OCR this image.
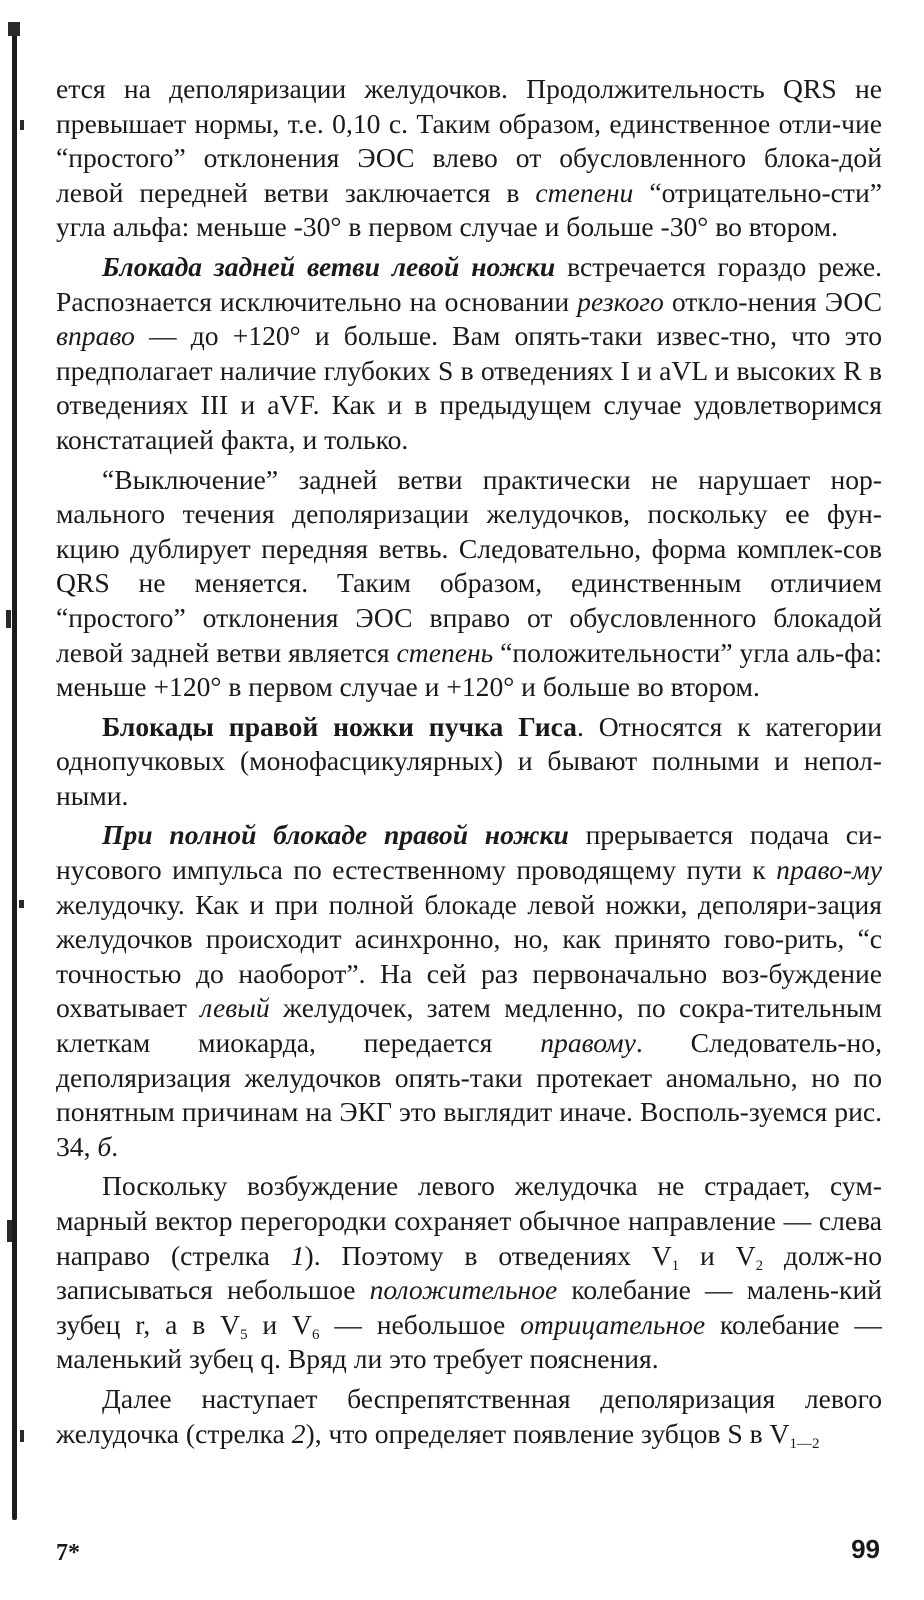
ется на деполяризации желудочков. Продолжительность QRS не превышает нормы, т.е. 0,10 с. Таким образом, единственное отли-чие “простого” отклонения ЭОС влево от обусловленного блока-дой левой передней ветви заключается в степени “отрицательно-сти” угла альфа: меньше -30° в первом случае и больше -30° во втором.

Блокада задней ветви левой ножки встречается гораздо реже. Распознается исключительно на основании резкого откло-нения ЭОС вправо — до +120° и больше. Вам опять-таки извес-тно, что это предполагает наличие глубоких S в отведениях I и aVL и высоких R в отведениях III и aVF. Как и в предыдущем случае удовлетворимся констатацией факта, и только.

“Выключение” задней ветви практически не нарушает нор-мального течения деполяризации желудочков, поскольку ее фун-кцию дублирует передняя ветвь. Следовательно, форма комплек-сов QRS не меняется. Таким образом, единственным отличием “простого” отклонения ЭОС вправо от обусловленного блокадой левой задней ветви является степень “положительности” угла аль-фа: меньше +120° в первом случае и +120° и больше во втором.

Блокады правой ножки пучка Гиса. Относятся к категории однопучковых (монофасцикулярных) и бывают полными и непол-ными.

При полной блокаде правой ножки прерывается подача си-нусового импульса по естественному проводящему пути к право-му желудочку. Как и при полной блокаде левой ножки, деполяри-зация желудочков происходит асинхронно, но, как принято гово-рить, “с точностью до наоборот”. На сей раз первоначально воз-буждение охватывает левый желудочек, затем медленно, по сокра-тительным клеткам миокарда, передается правому. Следователь-но, деполяризация желудочков опять-таки протекает аномально, но по понятным причинам на ЭКГ это выглядит иначе. Восполь-зуемся рис. 34, б.

Поскольку возбуждение левого желудочка не страдает, сум-марный вектор перегородки сохраняет обычное направление — слева направо (стрелка 1). Поэтому в отведениях $V_1$ и $V_2$ долж-но записываться небольшое положительное колебание — малень-кий зубец r, а в $V_5$ и $V_6$ — небольшое отрицательное колебание — маленький зубец q. Вряд ли это требует пояснения.

Далее наступает беспрепятственная деполяризация левого желудочка (стрелка 2), что определяет появление зубцов S в $V_{1—2}$

7*	99
